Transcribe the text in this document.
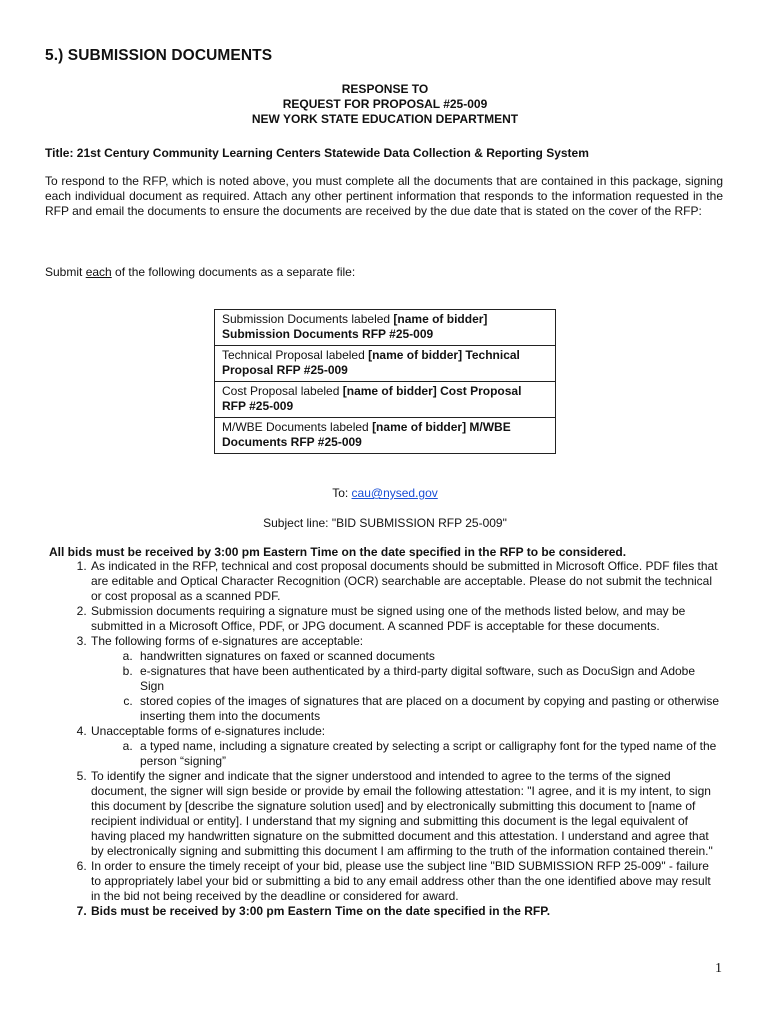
5.) SUBMISSION DOCUMENTS
RESPONSE TO
REQUEST FOR PROPOSAL #25-009
NEW YORK STATE EDUCATION DEPARTMENT
Title: 21st Century Community Learning Centers Statewide Data Collection & Reporting System
To respond to the RFP, which is noted above, you must complete all the documents that are contained in this package, signing each individual document as required. Attach any other pertinent information that responds to the information requested in the RFP and email the documents to ensure the documents are received by the due date that is stated on the cover of the RFP:
Submit each of the following documents as a separate file:
Submission Documents labeled [name of bidder] Submission Documents RFP #25-009
Technical Proposal labeled [name of bidder] Technical Proposal RFP #25-009
Cost Proposal labeled [name of bidder] Cost Proposal RFP #25-009
M/WBE Documents labeled [name of bidder] M/WBE Documents RFP #25-009
To: cau@nysed.gov
Subject line: "BID SUBMISSION RFP 25-009"
All bids must be received by 3:00 pm Eastern Time on the date specified in the RFP to be considered.
1. As indicated in the RFP, technical and cost proposal documents should be submitted in Microsoft Office. PDF files that are editable and Optical Character Recognition (OCR) searchable are acceptable. Please do not submit the technical or cost proposal as a scanned PDF.
2. Submission documents requiring a signature must be signed using one of the methods listed below, and may be submitted in a Microsoft Office, PDF, or JPG document. A scanned PDF is acceptable for these documents.
3. The following forms of e-signatures are acceptable:
a. handwritten signatures on faxed or scanned documents
b. e-signatures that have been authenticated by a third-party digital software, such as DocuSign and Adobe Sign
c. stored copies of the images of signatures that are placed on a document by copying and pasting or otherwise inserting them into the documents
4. Unacceptable forms of e-signatures include:
a. a typed name, including a signature created by selecting a script or calligraphy font for the typed name of the person “signing”
5. To identify the signer and indicate that the signer understood and intended to agree to the terms of the signed document, the signer will sign beside or provide by email the following attestation: "I agree, and it is my intent, to sign this document by [describe the signature solution used] and by electronically submitting this document to [name of recipient individual or entity]. I understand that my signing and submitting this document is the legal equivalent of having placed my handwritten signature on the submitted document and this attestation. I understand and agree that by electronically signing and submitting this document I am affirming to the truth of the information contained therein."
6. In order to ensure the timely receipt of your bid, please use the subject line "BID SUBMISSION RFP 25-009" - failure to appropriately label your bid or submitting a bid to any email address other than the one identified above may result in the bid not being received by the deadline or considered for award.
7. Bids must be received by 3:00 pm Eastern Time on the date specified in the RFP.
1
